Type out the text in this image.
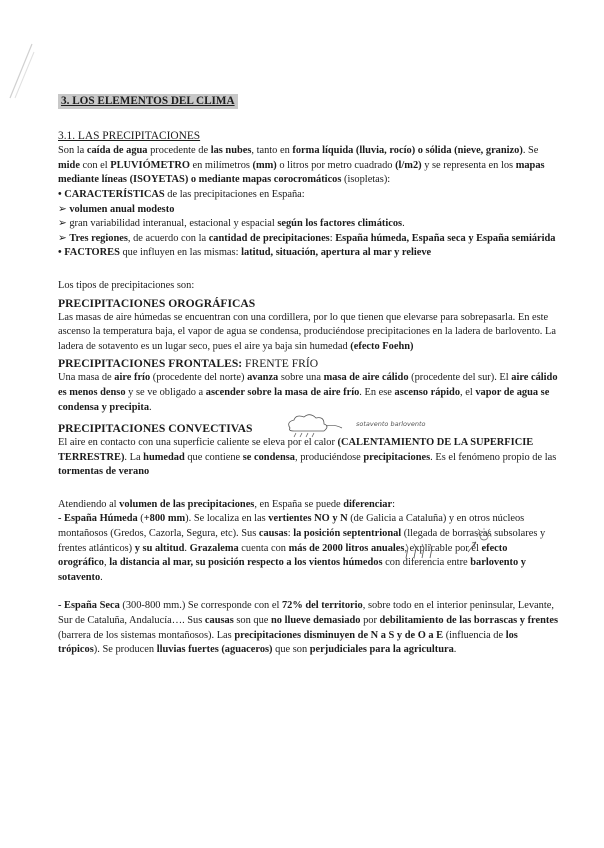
3. LOS ELEMENTOS DEL CLIMA

3.1. LAS PRECIPITACIONES

Son la caída de agua procedente de las nubes, tanto en forma líquida (lluvia, rocío) o sólida (nieve, granizo). Se mide con el PLUVIÓMETRO en milímetros (mm) o litros por metro cuadrado (l/m2) y se representa en los mapas mediante líneas (ISOYETAS) o mediante mapas corocromáticos (isopletas):

• CARACTERÍSTICAS de las precipitaciones en España:

➢ volumen anual modesto

➢ gran variabilidad interanual, estacional y espacial según los factores climáticos.

➢ Tres regiones, de acuerdo con la cantidad de precipitaciones: España húmeda, España seca y España semiárida

• FACTORES que influyen en las mismas: latitud, situación, apertura al mar y relieve

Los tipos de precipitaciones son:

PRECIPITACIONES OROGRÁFICAS

Las masas de aire húmedas se encuentran con una cordillera, por lo que tienen que elevarse para sobrepasarla. En este ascenso la temperatura baja, el vapor de agua se condensa, produciéndose precipitaciones en la ladera de barlovento. La ladera de sotavento es un lugar seco, pues el aire ya baja sin humedad (efecto Foehn)

PRECIPITACIONES FRONTALES: FRENTE FRÍO

Una masa de aire frío (procedente del norte) avanza sobre una masa de aire cálido (procedente del sur). El aire cálido es menos denso y se ve obligado a ascender sobre la masa de aire frío. En ese ascenso rápido, el vapor de agua se condensa y precipita.

PRECIPITACIONES CONVECTIVAS

El aire en contacto con una superficie caliente se eleva por el calor (CALENTAMIENTO DE LA SUPERFICIE TERRESTRE). La humedad que contiene se condensa, produciéndose precipitaciones. Es el fenómeno propio de las tormentas de verano

Atendiendo al volumen de las precipitaciones, en España se puede diferenciar:

- España Húmeda (+800 mm). Se localiza en las vertientes NO y N (de Galicia a Cataluña) y en otros núcleos montañosos (Gredos, Cazorla, Segura, etc). Sus causas: la posición septentrional (llegada de borrascas subsolares y frentes atlánticos) y su altitud. Grazalema cuenta con más de 2000 litros anuales, explicable por el efecto orográfico, la distancia al mar, su posición respecto a los vientos húmedos con diferencia entre barlovento y sotavento.

- España Seca (300-800 mm.) Se corresponde con el 72% del territorio, sobre todo en el interior peninsular, Levante, Sur de Cataluña, Andalucía…. Sus causas son que no llueve demasiado por debilitamiento de las borrascas y frentes (barrera de los sistemas montañosos). Las precipitaciones disminuyen de N a S y de O a E (influencia de los trópicos). Se producen lluvias fuertes (aguaceros) que son perjudiciales para la agricultura.

sotavento barlovento
